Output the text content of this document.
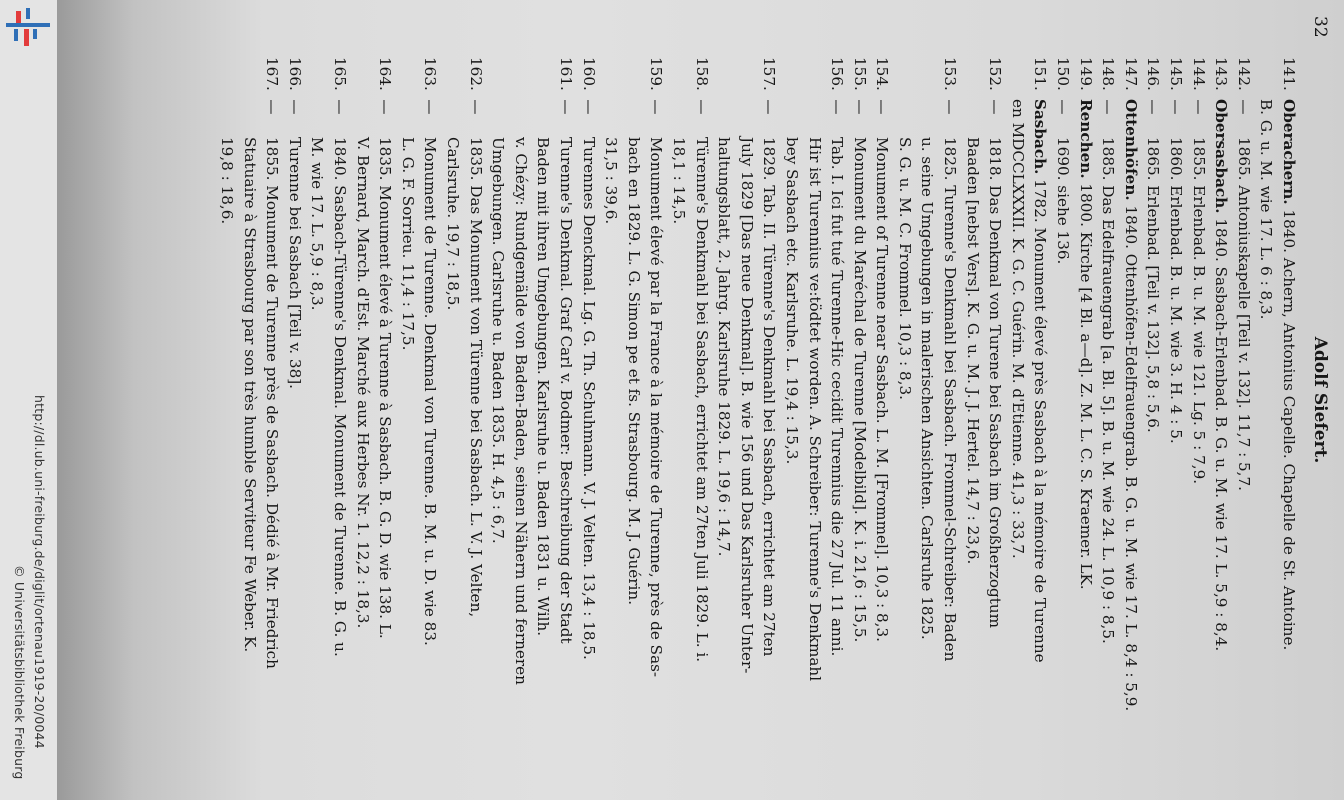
http://dl.ub.uni-freiburg.de/diglit/ortenau1919-20/0044
© Universitätsbibliothek Freiburg
32
Adolf Siefert.
141.
Oberachern. 1840. Achern, Antonius Capelle. Chapelle de St. Antoine.
B. G. u. M. wie 17. L. 6 : 8,3.
142.
—
1865. Antoniuskapelle [Teil v. 132]. 11,7 : 5,7.
143.
Obersasbach. 1840. Sasbach-Erlenbad. B. G. u. M. wie 17. L. 5,9 : 8,4.
144.
—
1855. Erlenbad. B. u. M. wie 121. Lg. 5 : 7,9.
145.
—
1860. Erlenbad. B. u. M. wie 3. H. 4 : 5.
146.
—
1865. Erlenbad. [Teil v. 132]. 5,8 : 5,6.
147.
Ottenhöfen. 1840. Ottenhöfen-Edelfrauengrab. B. G. u. M. wie 17. L. 8,4 : 5,9.
148.
—
1885. Das Edelfrauengrab [a. Bl. 5]. B. u. M. wie 24. L. 10,9 : 8,5.
149.
Renchen. 1800. Kirche [4 Bl. a—d]. Z. M. L. C. S. Kraemer. LK.
150.
—
1690. siehe 136.
151.
Sasbach. 1782. Monument élevé près Sasbach à la mémoire de Turenne
en MDCCLXXXII. K. G. C. Guérin. M. d'Etienne. 41,3 : 33,7.
152.
—
1818. Das Denkmal von Turene bei Sasbach im Großherzogtum
Baaden [nebst Vers]. K. G. u. M. J. J. Hertel. 14,7 : 23,6.
153.
—
1825. Turenne's Denkmahl bei Sasbach. Frommel-Schreiber: Baden
u. seine Umgebungen in malerischen Ansichten. Carlsruhe 1825.
S. G. u. M. C. Frommel. 10,3 : 8,3.
154.
—
Monument of Turenne near Sasbach. L. M. [Frommel]. 10,3 : 8,3.
155.
—
Monument du Maréchal de Turenne [Modelbild]. K. i. 21,6 : 15,5.
156.
—
Tab. I. Ici fut tué Turenne-Hic cecidit Turennius die 27 Jul. 11 anni.
Hir ist Turennius ve:tödtet worden. A. Schreiber: Turenne's Denkmahl
bey Sasbach etc. Karlsruhe. L. 19,4 : 15,3.
157.
—
1829. Tab. II. Türenne's Denkmahl bei Sasbach, errichtet am 27ten
July 1829 [Das neue Denkmal]. B. wie 156 und Das Karlsruher Unter-
haltungsblatt, 2. Jahrg. Karlsruhe 1829. L. 19,6 : 14,7.
158.
—
Türenne's Denkmahl bei Sasbach, errichtet am 27ten Juli 1829. L. i.
18,1 : 14,5.
159.
—
Monument élevé par la France à la mémoire de Turenne, près de Sas-
bach en 1829. L. G. Simon pe et fs. Strasbourg. M. J. Guérin.
31,5 : 39,6.
160.
—
Turennes Denckmal. Lg. G. Th. Schuhmann. V. J. Velten. 13,4 : 18,5.
161.
—
Turenne's Denkmal. Graf Carl v. Bodmer: Beschreibung der Stadt
Baden mit ihren Umgebungen. Karlsruhe u. Baden 1831 u. Wilh.
v. Chézy: Rundgemälde von Baden-Baden, seinen Nähern und ferneren
Umgebungen. Carlsruhe u. Baden 1835. H. 4,5 : 6,7.
162.
—
1835. Das Monument von Türenne bei Sasbach. L. V. J. Velten,
Carlsruhe. 19,7 : 18,5.
163.
—
Monument de Turenne. Denkmal von Turenne. B. M. u. D. wie 83.
L. G. F. Sorrieu. 11,4 : 17,5.
164.
—
1835. Monument élevé à Turenne à Sasbach. B. G. D. wie 138. L.
V. Bernard, March. d'Est. Marché aux Herbes Nr. 1. 12,2 : 18,3.
165.
—
1840. Sasbach-Türenne's Denkmal. Monument de Turenne. B. G. u.
M. wie 17. L. 5,9 : 8,3.
166.
—
Turenne bei Sasbach [Teil v. 38].
167.
—
1855. Monument de Turenne près de Sasbach. Dédié à Mr. Friedrich
Statuaire à Strasbourg par son très humble Serviteur Fe Weber. K.
19,8 : 18,6.
